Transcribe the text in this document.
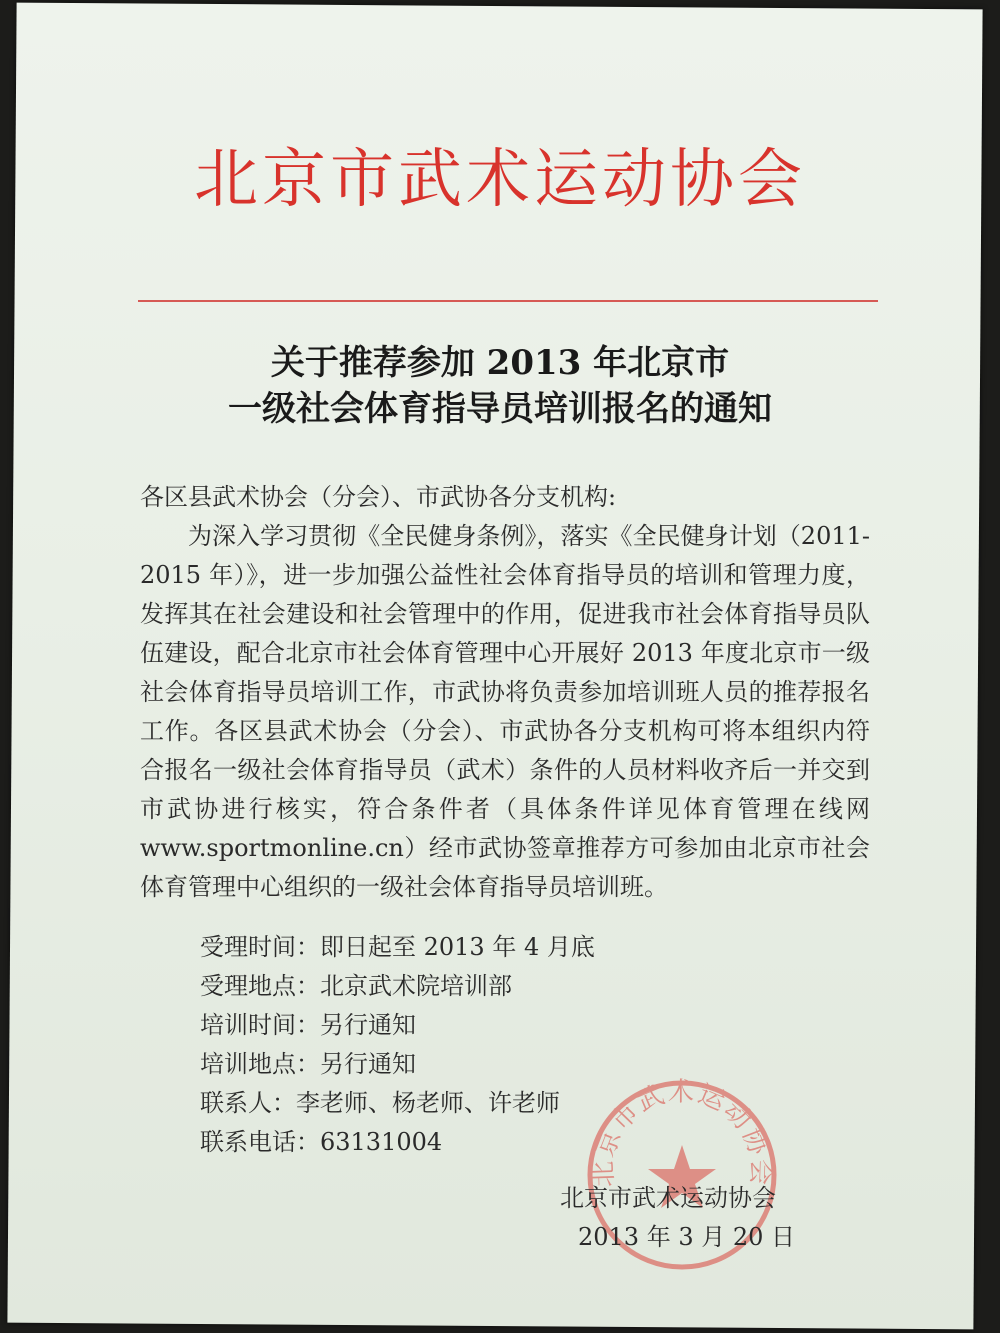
北京市武术运动协会
关于推荐参加 2013 年北京市
一级社会体育指导员培训报名的通知

各区县武术协会（分会）、市武协各分支机构:

为深入学习贯彻《全民健身条例》，落实《全民健身计划（2011-2015 年）》，进一步加强公益性社会体育指导员的培训和管理力度，发挥其在社会建设和社会管理中的作用，促进我市社会体育指导员队伍建设，配合北京市社会体育管理中心开展好 2013 年度北京市一级社会体育指导员培训工作，市武协将负责参加培训班人员的推荐报名工作。各区县武术协会（分会）、市武协各分支机构可将本组织内符合报名一级社会体育指导员（武术）条件的人员材料收齐后一并交到市武协进行核实，符合条件者（具体条件详见体育管理在线网 www.sportmonline.cn）经市武协签章推荐方可参加由北京市社会体育管理中心组织的一级社会体育指导员培训班。

受理时间：即日起至 2013 年 4 月底
受理地点：北京武术院培训部
培训时间：另行通知
培训地点：另行通知
联系人：李老师、杨老师、许老师
联系电话：63131004
北京市武术运动协会
北京市武术运动协会
2013 年 3 月 20 日
